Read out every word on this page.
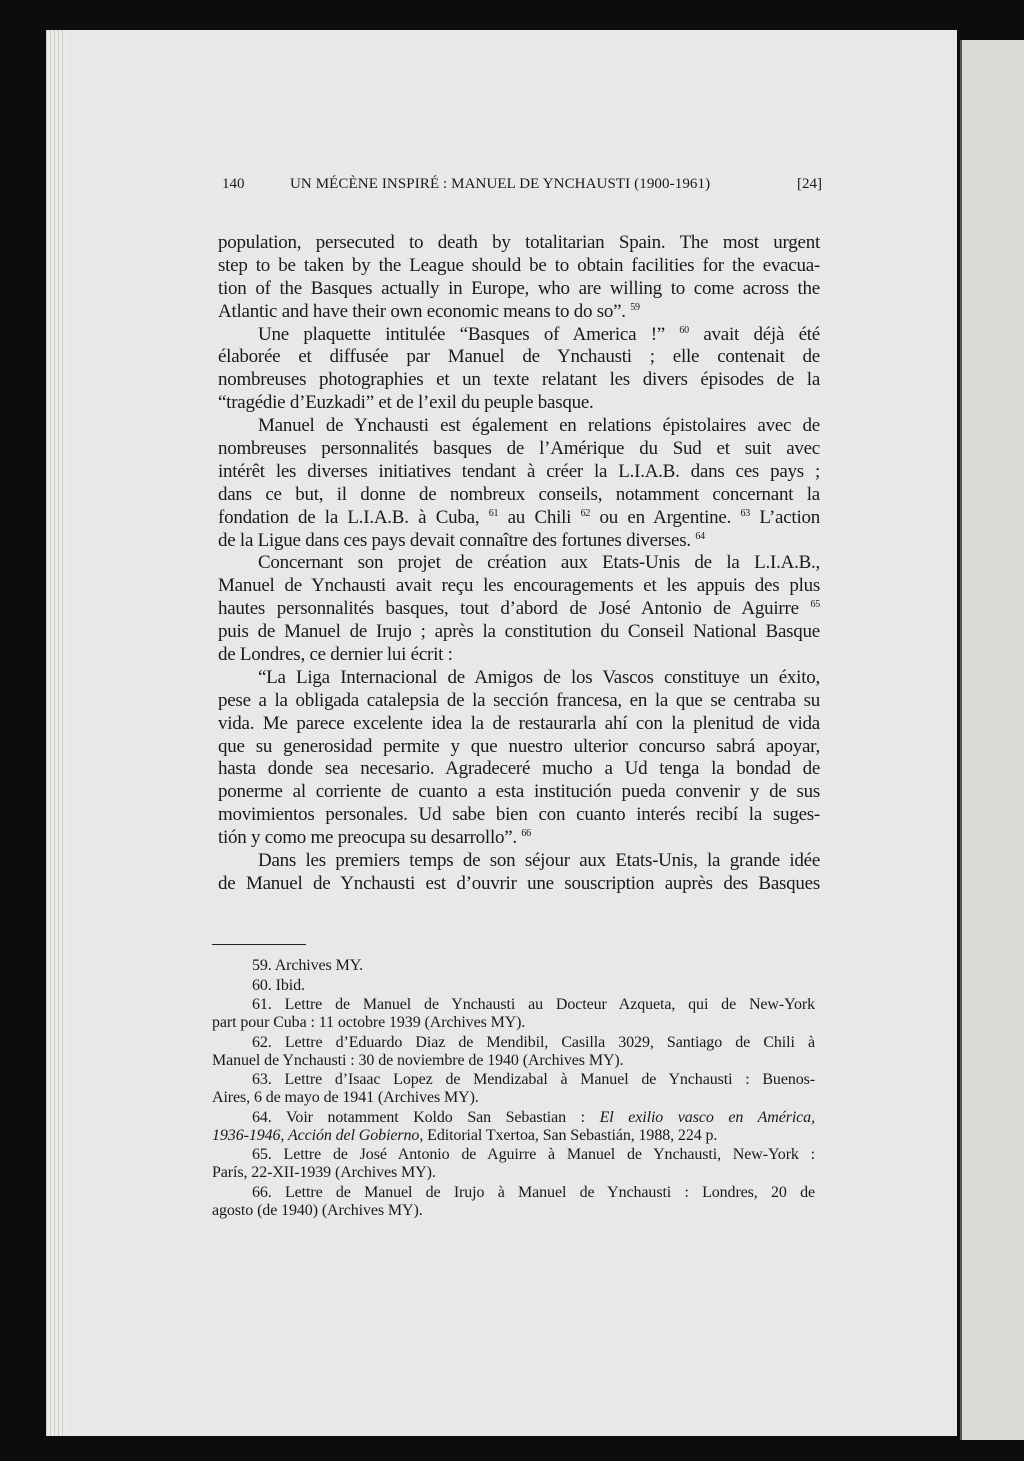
140	UN MÉCÈNE INSPIRÉ : MANUEL DE YNCHAUSTI (1900-1961)	[24]
population, persecuted to death by totalitarian Spain. The most urgent
step to be taken by the League should be to obtain facilities for the evacua-
tion of the Basques actually in Europe, who are willing to come across the
Atlantic and have their own economic means to do so”. $^{59}$
Une plaquette intitulée “Basques of America !” $^{60}$ avait déjà été
élaborée et diffusée par Manuel de Ynchausti ; elle contenait de
nombreuses photographies et un texte relatant les divers épisodes de la
“tragédie d’Euzkadi” et de l’exil du peuple basque.
Manuel de Ynchausti est également en relations épistolaires avec de
nombreuses personnalités basques de l’Amérique du Sud et suit avec
intérêt les diverses initiatives tendant à créer la L.I.A.B. dans ces pays ;
dans ce but, il donne de nombreux conseils, notamment concernant la
fondation de la L.I.A.B. à Cuba, $^{61}$ au Chili $^{62}$ ou en Argentine. $^{63}$ L’action
de la Ligue dans ces pays devait connaître des fortunes diverses. $^{64}$
Concernant son projet de création aux Etats-Unis de la L.I.A.B.,
Manuel de Ynchausti avait reçu les encouragements et les appuis des plus
hautes personnalités basques, tout d’abord de José Antonio de Aguirre $^{65}$
puis de Manuel de Irujo ; après la constitution du Conseil National Basque
de Londres, ce dernier lui écrit :
“La Liga Internacional de Amigos de los Vascos constituye un éxito,
pese a la obligada catalepsia de la sección francesa, en la que se centraba su
vida. Me parece excelente idea la de restaurarla ahí con la plenitud de vida
que su generosidad permite y que nuestro ulterior concurso sabrá apoyar,
hasta donde sea necesario. Agradeceré mucho a Ud tenga la bondad de
ponerme al corriente de cuanto a esta institución pueda convenir y de sus
movimientos personales. Ud sabe bien con cuanto interés recibí la suges-
tión y como me preocupa su desarrollo”. $^{66}$
Dans les premiers temps de son séjour aux Etats-Unis, la grande idée
de Manuel de Ynchausti est d’ouvrir une souscription auprès des Basques
59. Archives MY.
60. Ibid.
61. Lettre de Manuel de Ynchausti au Docteur Azqueta, qui de New-York
part pour Cuba : 11 octobre 1939 (Archives MY).
62. Lettre d’Eduardo Diaz de Mendibil, Casilla 3029, Santiago de Chili à
Manuel de Ynchausti : 30 de noviembre de 1940 (Archives MY).
63. Lettre d’Isaac Lopez de Mendizabal à Manuel de Ynchausti : Buenos-
Aires, 6 de mayo de 1941 (Archives MY).
64. Voir notamment Koldo San Sebastian : El exilio vasco en América,
1936-1946, Acción del Gobierno, Editorial Txertoa, San Sebastián, 1988, 224 p.
65. Lettre de José Antonio de Aguirre à Manuel de Ynchausti, New-York :
París, 22-XII-1939 (Archives MY).
66. Lettre de Manuel de Irujo à Manuel de Ynchausti : Londres, 20 de
agosto (de 1940) (Archives MY).
